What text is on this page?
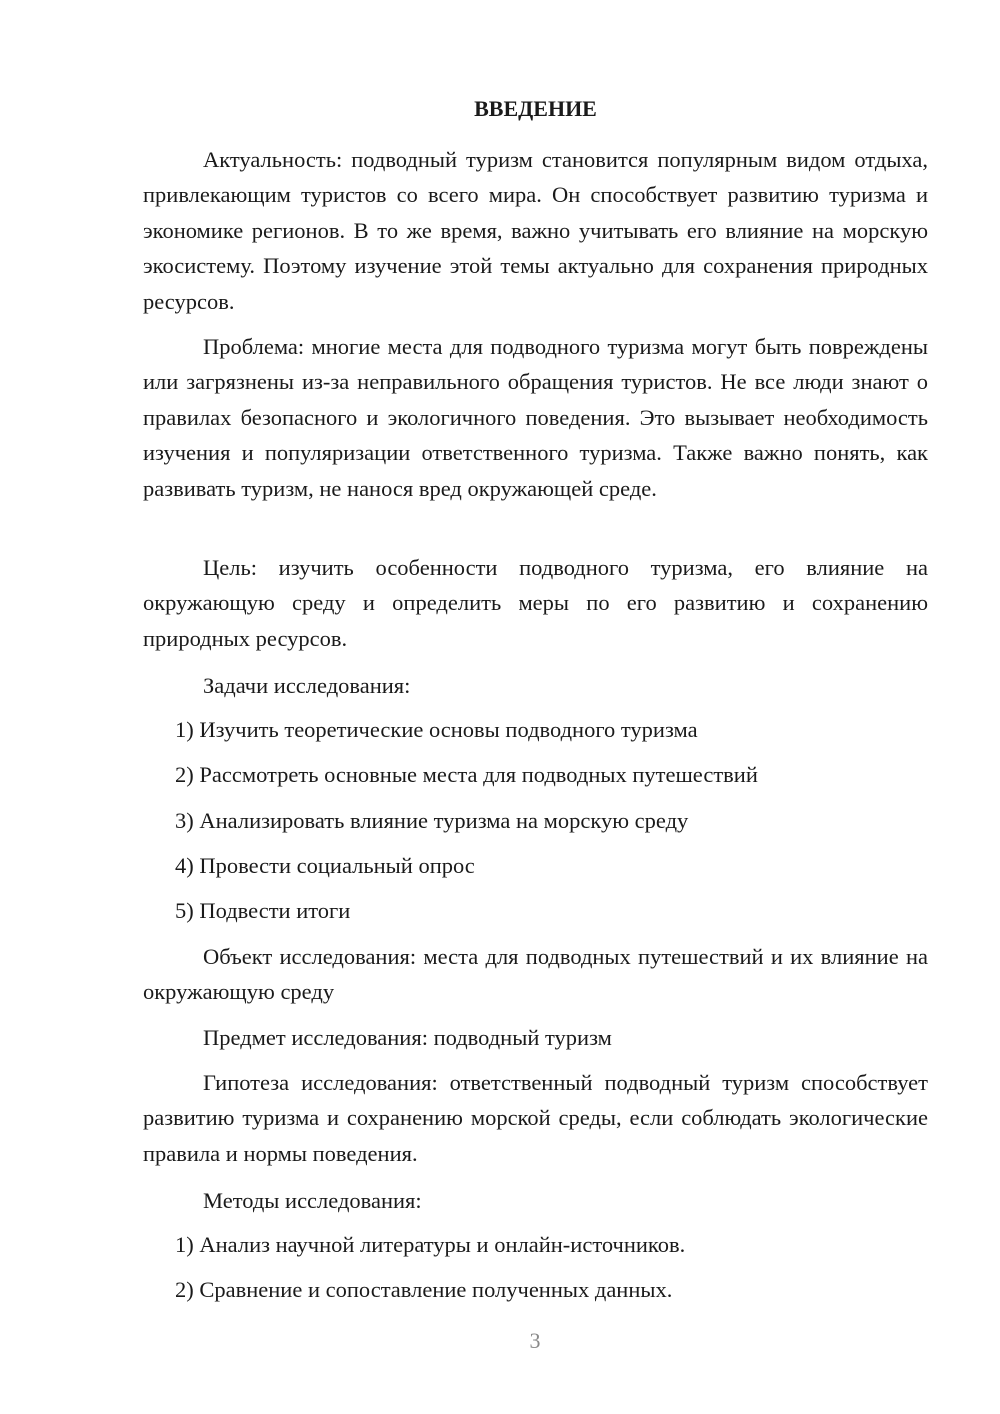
ВВЕДЕНИЕ

Актуальность: подводный туризм становится популярным видом отдыха, привлекающим туристов со всего мира. Он способствует развитию туризма и экономике регионов. В то же время, важно учитывать его влияние на морскую экосистему. Поэтому изучение этой темы актуально для сохранения природных ресурсов.

Проблема: многие места для подводного туризма могут быть повреждены или загрязнены из-за неправильного обращения туристов. Не все люди знают о правилах безопасного и экологичного поведения. Это вызывает необходимость изучения и популяризации ответственного туризма. Также важно понять, как развивать туризм, не нанося вред окружающей среде.

Цель: изучить особенности подводного туризма, его влияние на окружающую среду и определить меры по его развитию и сохранению природных ресурсов.

Задачи исследования:

1) Изучить теоретические основы подводного туризма

2) Рассмотреть основные места для подводных путешествий

3) Анализировать влияние туризма на морскую среду

4) Провести социальный опрос

5) Подвести итоги

Объект исследования: места для подводных путешествий и их влияние на окружающую среду

Предмет исследования: подводный туризм

Гипотеза исследования: ответственный подводный туризм способствует развитию туризма и сохранению морской среды, если соблюдать экологические правила и нормы поведения.

Методы исследования:

1) Анализ научной литературы и онлайн-источников.

2) Сравнение и сопоставление полученных данных.

3
